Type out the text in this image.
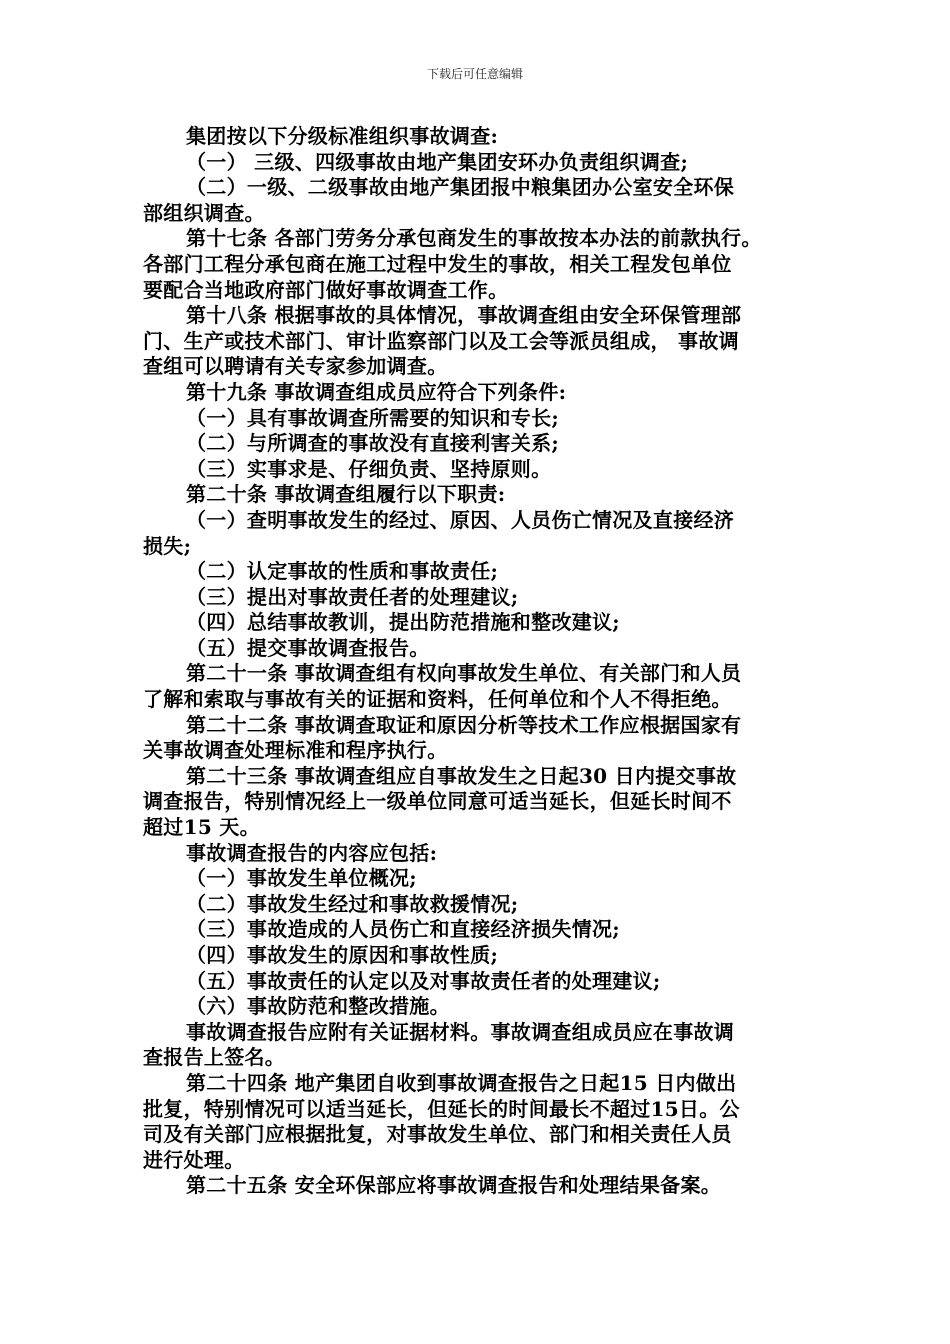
下载后可任意编辑
集团按以下分级标准组织事故调查:
（一） 三级、四级事故由地产集团安环办负责组织调查;
（二）一级、二级事故由地产集团报中粮集团办公室安全环保
部组织调查。
第十七条 各部门劳务分承包商发生的事故按本办法的前款执行。
各部门工程分承包商在施工过程中发生的事故，相关工程发包单位
要配合当地政府部门做好事故调查工作。
第十八条 根据事故的具体情况，事故调查组由安全环保管理部
门、生产或技术部门、审计监察部门以及工会等派员组成， 事故调
查组可以聘请有关专家参加调查。
第十九条 事故调查组成员应符合下列条件:
（一）具有事故调查所需要的知识和专长;
（二）与所调查的事故没有直接利害关系;
（三）实事求是、仔细负责、坚持原则。
第二十条 事故调查组履行以下职责:
（一）查明事故发生的经过、原因、人员伤亡情况及直接经济
损失;
（二）认定事故的性质和事故责任;
（三）提出对事故责任者的处理建议;
（四）总结事故教训，提出防范措施和整改建议;
（五）提交事故调查报告。
第二十一条 事故调查组有权向事故发生单位、有关部门和人员
了解和索取与事故有关的证据和资料，任何单位和个人不得拒绝。
第二十二条 事故调查取证和原因分析等技术工作应根据国家有
关事故调查处理标准和程序执行。
第二十三条 事故调查组应自事故发生之日起30 日内提交事故
调查报告，特别情况经上一级单位同意可适当延长，但延长时间不
超过15 天。
事故调查报告的内容应包括:
（一）事故发生单位概况;
（二）事故发生经过和事故救援情况;
（三）事故造成的人员伤亡和直接经济损失情况;
（四）事故发生的原因和事故性质;
（五）事故责任的认定以及对事故责任者的处理建议;
（六）事故防范和整改措施。
事故调查报告应附有关证据材料。事故调查组成员应在事故调
查报告上签名。
第二十四条 地产集团自收到事故调查报告之日起15 日内做出
批复，特别情况可以适当延长，但延长的时间最长不超过15日。公
司及有关部门应根据批复，对事故发生单位、部门和相关责任人员
进行处理。
第二十五条 安全环保部应将事故调查报告和处理结果备案。
